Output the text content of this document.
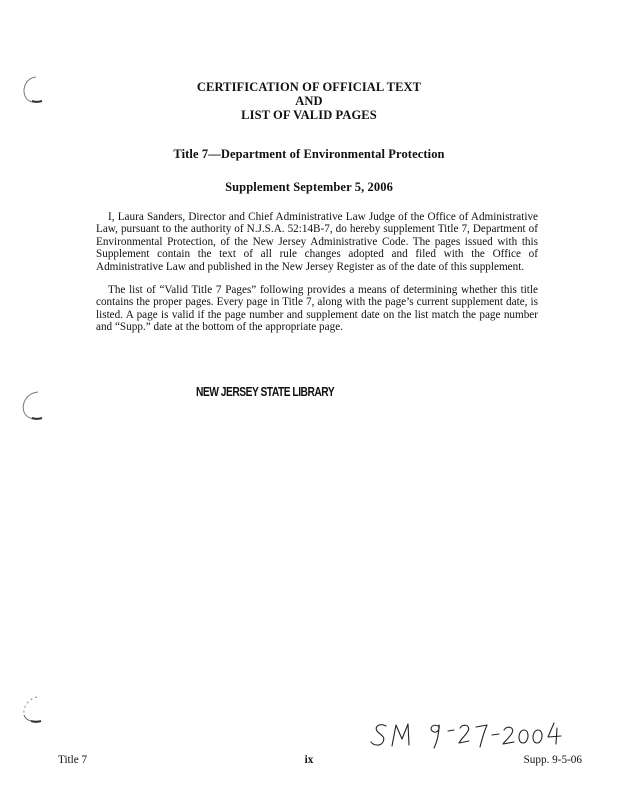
CERTIFICATION OF OFFICIAL TEXT
AND
LIST OF VALID PAGES
Title 7—Department of Environmental Protection
Supplement September 5, 2006

I, Laura Sanders, Director and Chief Administrative Law Judge of the Office of Administrative Law, pursuant to the authority of N.J.S.A. 52:14B-7, do hereby supplement Title 7, Department of Environmental Protection, of the New Jersey Administrative Code. The pages issued with this Supplement contain the text of all rule changes adopted and filed with the Office of Administrative Law and published in the New Jersey Register as of the date of this supplement.

The list of “Valid Title 7 Pages” following provides a means of determining whether this title contains the proper pages. Every page in Title 7, along with the page’s current supplement date, is listed. A page is valid if the page number and supplement date on the list match the page number and “Supp.” date at the bottom of the appropriate page.

NEW JERSEY STATE LIBRARY
Title 7	ix	Supp. 9-5-06
